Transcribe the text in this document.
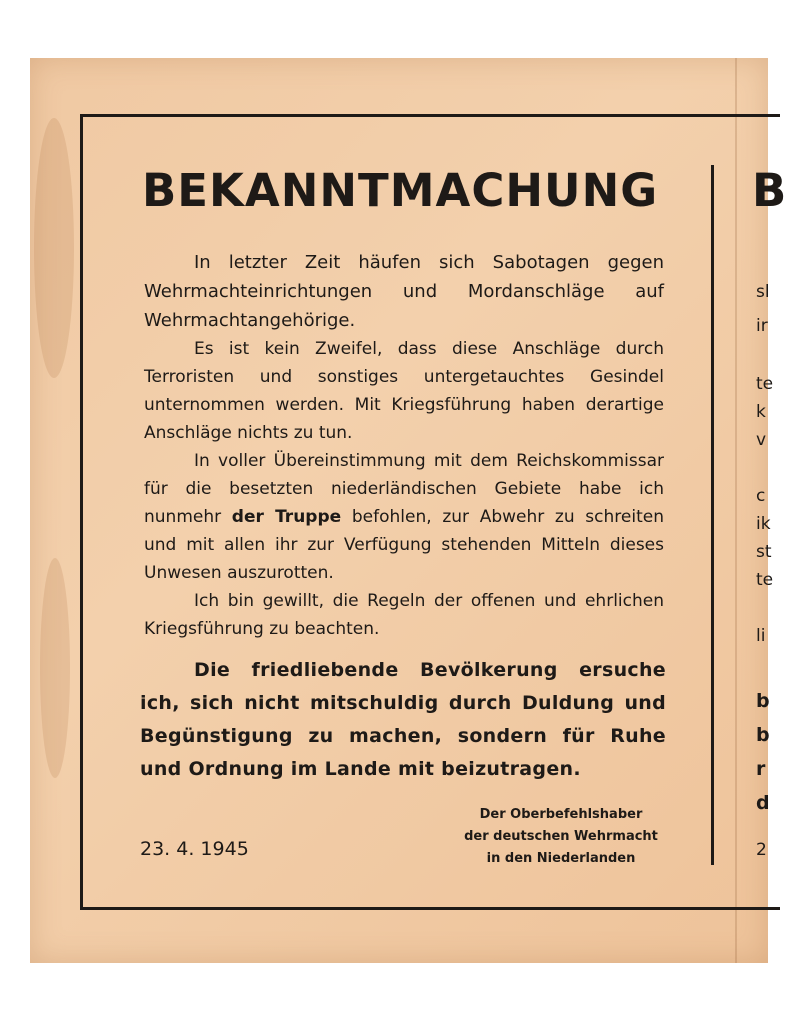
BEKANNTMACHUNG

In letzter Zeit häufen sich Sabotagen gegen Wehrmachteinrichtungen und Mordanschläge auf Wehrmachtangehörige.

Es ist kein Zweifel, dass diese Anschläge durch Terroristen und sonstiges untergetauchtes Gesindel unternommen werden. Mit Kriegsführung haben derartige Anschläge nichts zu tun.

In voller Übereinstimmung mit dem Reichskommissar für die besetzten niederländischen Gebiete habe ich nunmehr der Truppe befohlen, zur Abwehr zu schreiten und mit allen ihr zur Verfügung stehenden Mitteln dieses Unwesen auszurotten.

Ich bin gewillt, die Regeln der offenen und ehrlichen Kriegsführung zu beachten.

Die friedliebende Bevölkerung ersuche ich, sich nicht mitschuldig durch Duldung und Begünstigung zu machen, sondern für Ruhe und Ordnung im Lande mit beizutragen.
23. 4. 1945
Der Oberbefehlshaber
der deutschen Wehrmacht
in den Niederlanden
B
sl
ir
te
k
v
c
ik
st
te
li
b
b
r
d
2
